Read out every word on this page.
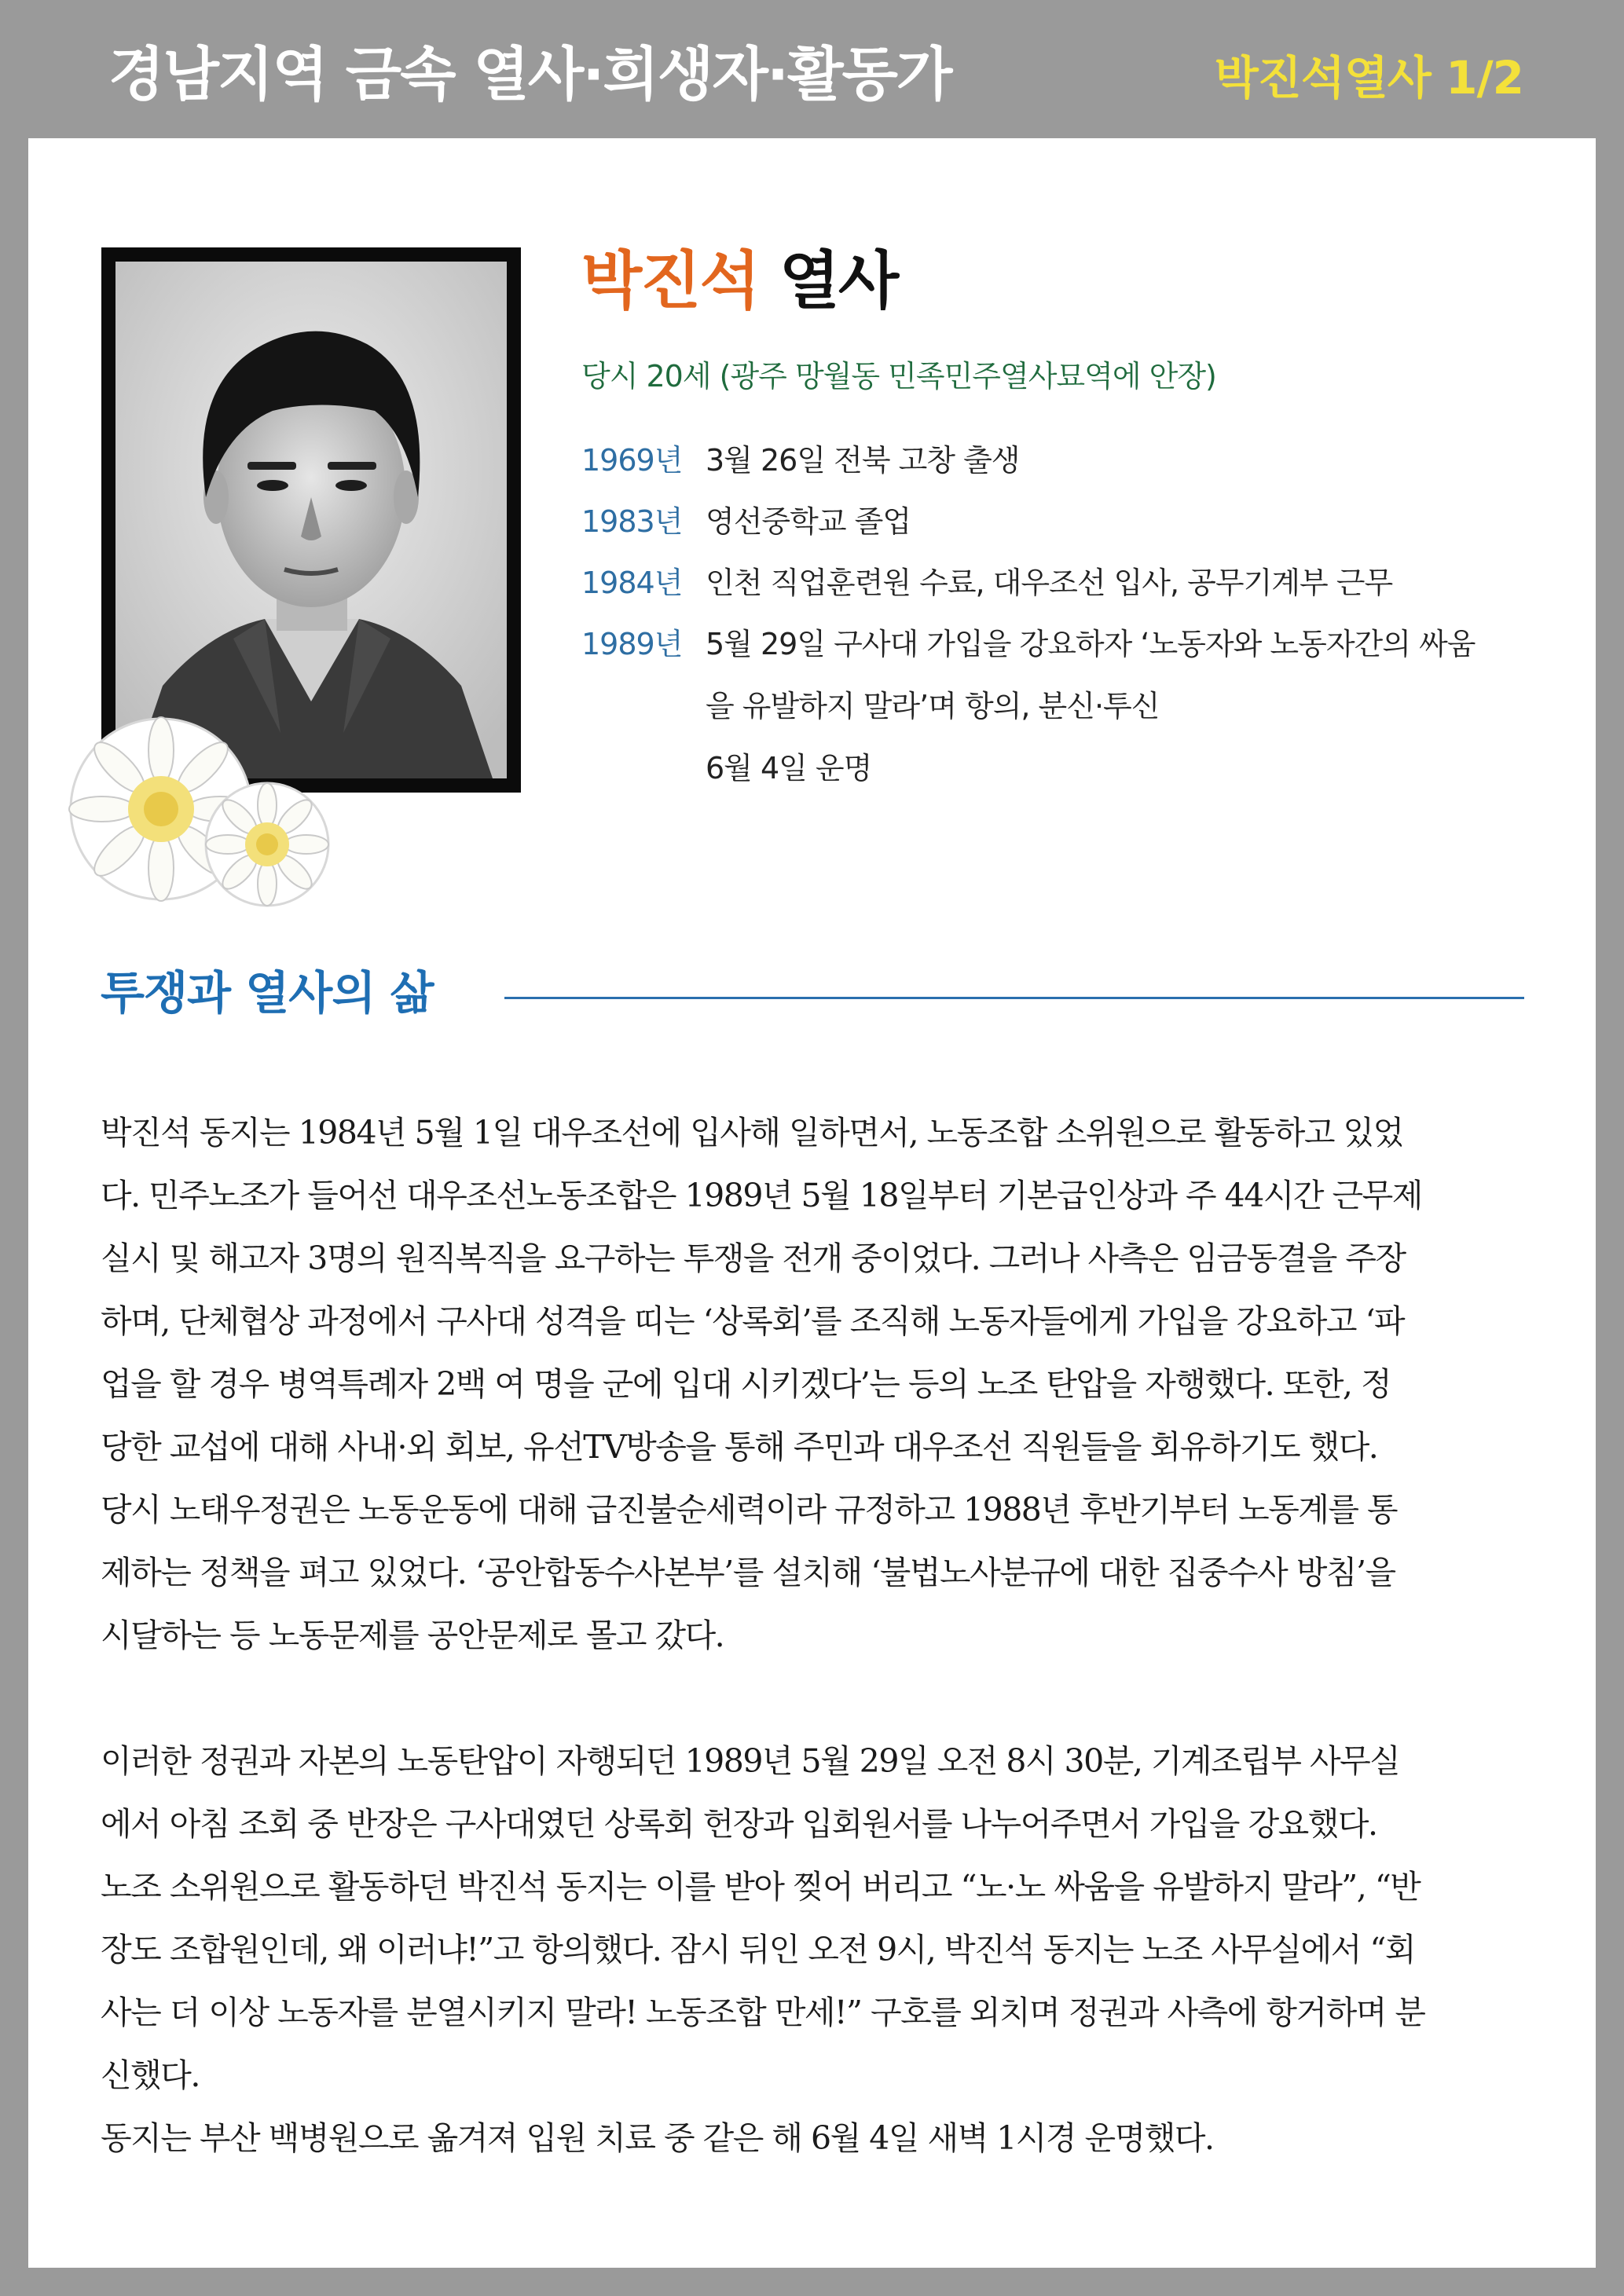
경남지역 금속 열사·희생자·활동가	박진석열사 1/2
박진석 열사
당시 20세 (광주 망월동 민족민주열사묘역에 안장)
1969년 3월 26일 전북 고창 출생
1983년 영선중학교 졸업
1984년 인천 직업훈련원 수료, 대우조선 입사, 공무기계부 근무
1989년 5월 29일 구사대 가입을 강요하자 ‘노동자와 노동자간의 싸움
을 유발하지 말라’며 항의, 분신·투신
6월 4일 운명
투쟁과 열사의 삶
박진석 동지는 1984년 5월 1일 대우조선에 입사해 일하면서, 노동조합 소위원으로 활동하고 있었
다. 민주노조가 들어선 대우조선노동조합은 1989년 5월 18일부터 기본급인상과 주 44시간 근무제
실시 및 해고자 3명의 원직복직을 요구하는 투쟁을 전개 중이었다. 그러나 사측은 임금동결을 주장
하며, 단체협상 과정에서 구사대 성격을 띠는 ‘상록회’를 조직해 노동자들에게 가입을 강요하고 ‘파
업을 할 경우 병역특례자 2백 여 명을 군에 입대 시키겠다’는 등의 노조 탄압을 자행했다. 또한, 정
당한 교섭에 대해 사내·외 회보, 유선TV방송을 통해 주민과 대우조선 직원들을 회유하기도 했다.
당시 노태우정권은 노동운동에 대해 급진불순세력이라 규정하고 1988년 후반기부터 노동계를 통
제하는 정책을 펴고 있었다. ‘공안합동수사본부’를 설치해 ‘불법노사분규에 대한 집중수사 방침’을
시달하는 등 노동문제를 공안문제로 몰고 갔다.
이러한 정권과 자본의 노동탄압이 자행되던 1989년 5월 29일 오전 8시 30분, 기계조립부 사무실
에서 아침 조회 중 반장은 구사대였던 상록회 헌장과 입회원서를 나누어주면서 가입을 강요했다.
노조 소위원으로 활동하던 박진석 동지는 이를 받아 찢어 버리고 “노·노 싸움을 유발하지 말라”, “반
장도 조합원인데, 왜 이러냐!”고 항의했다. 잠시 뒤인 오전 9시, 박진석 동지는 노조 사무실에서 “회
사는 더 이상 노동자를 분열시키지 말라! 노동조합 만세!” 구호를 외치며 정권과 사측에 항거하며 분
신했다.
동지는 부산 백병원으로 옮겨져 입원 치료 중 같은 해 6월 4일 새벽 1시경 운명했다.
